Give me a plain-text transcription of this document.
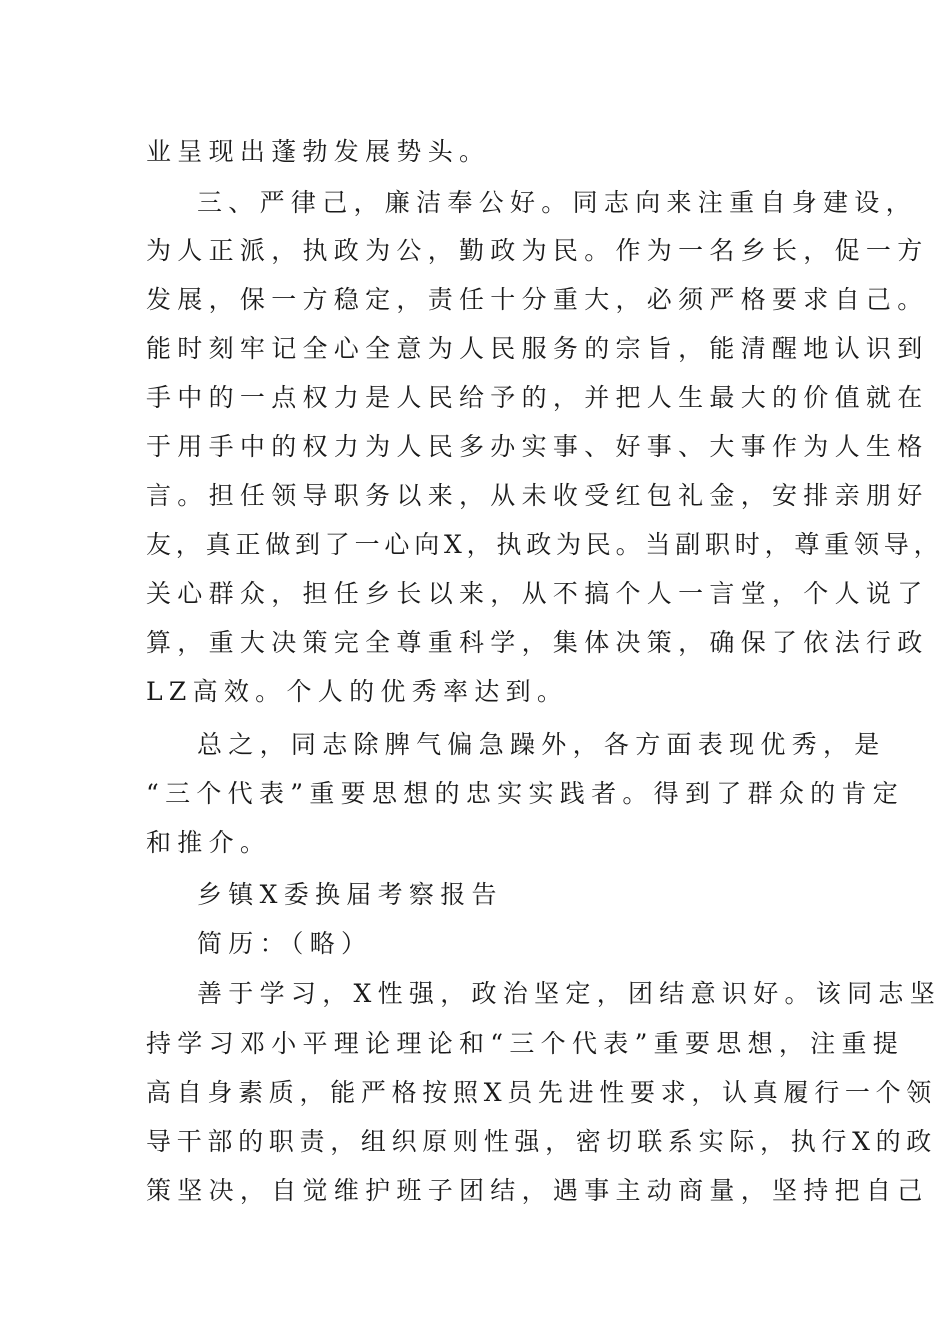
业呈现出蓬勃发展势头。
三、严律己，廉洁奉公好。同志向来注重自身建设，
为人正派，执政为公，勤政为民。作为一名乡长，促一方
发展，保一方稳定，责任十分重大，必须严格要求自己。
能时刻牢记全心全意为人民服务的宗旨，能清醒地认识到
手中的一点权力是人民给予的，并把人生最大的价值就在
于用手中的权力为人民多办实事、好事、大事作为人生格
言。担任领导职务以来，从未收受红包礼金，安排亲朋好
友，真正做到了一心向X，执政为民。当副职时，尊重领导，
关心群众，担任乡长以来，从不搞个人一言堂，个人说了
算，重大决策完全尊重科学，集体决策，确保了依法行政
LZ高效。个人的优秀率达到。
总之，同志除脾气偏急躁外，各方面表现优秀，是
“三个代表”重要思想的忠实实践者。得到了群众的肯定
和推介。
乡镇X委换届考察报告
简历：（略）
善于学习，X性强，政治坚定，团结意识好。该同志坚
持学习邓小平理论理论和“三个代表”重要思想，注重提
高自身素质，能严格按照X员先进性要求，认真履行一个领
导干部的职责，组织原则性强，密切联系实际，执行X的政
策坚决，自觉维护班子团结，遇事主动商量，坚持把自己
